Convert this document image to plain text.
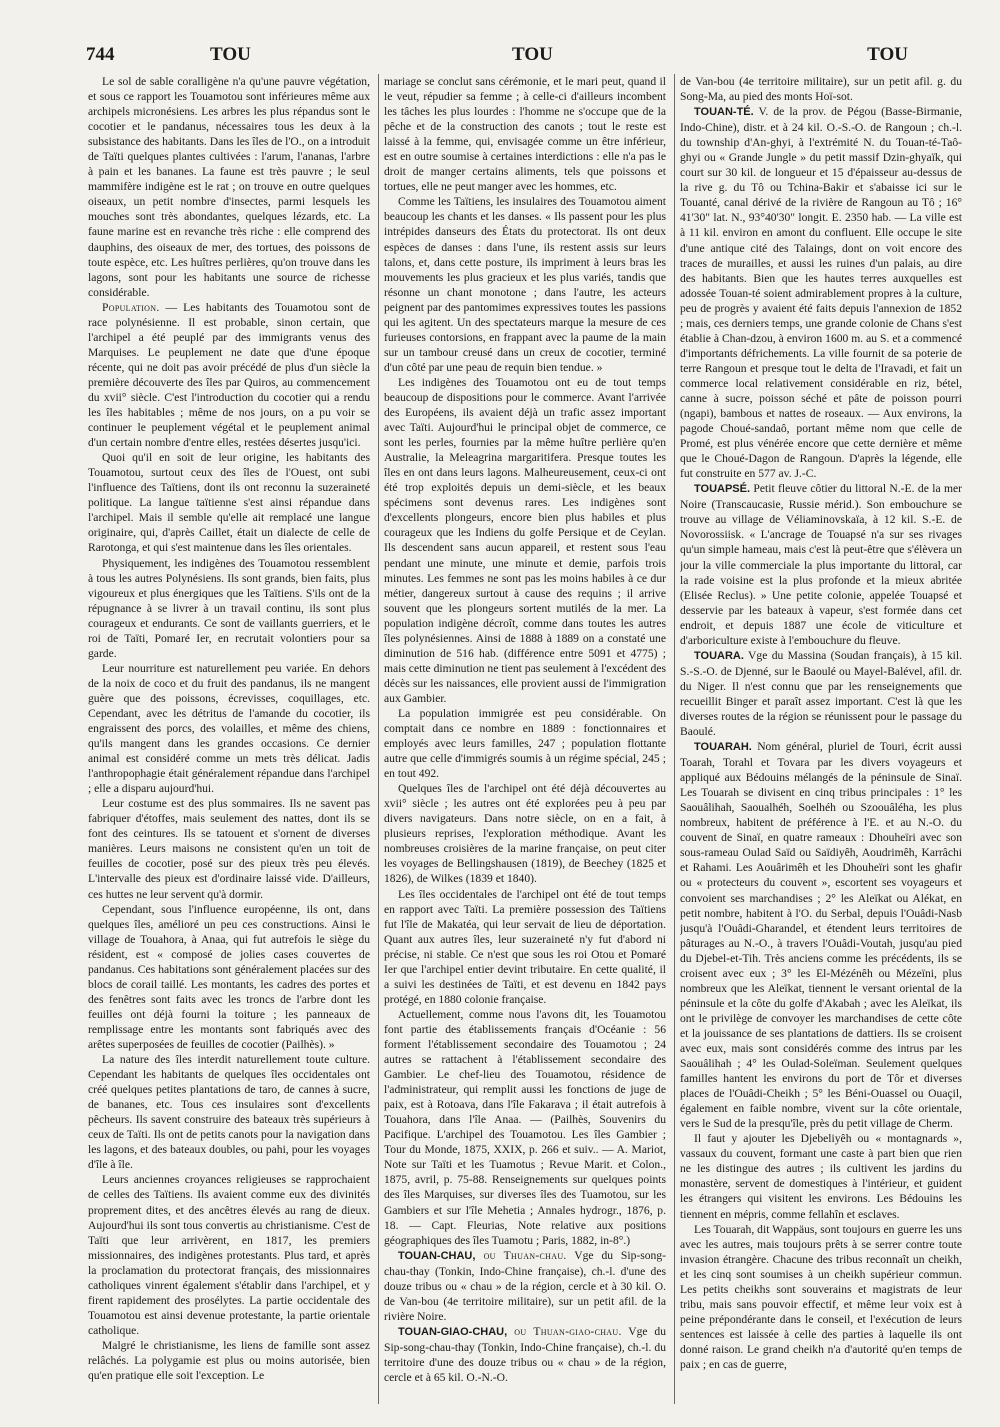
744	TOU	TOU	TOU

Le sol de sable coralligène n'a qu'une pauvre végétation, et sous ce rapport les Touamotou sont inférieures même aux archipels micronésiens. Les arbres les plus répandus sont le cocotier et le pandanus, nécessaires tous les deux à la subsistance des habitants. Dans les îles de l'O., on a introduit de Taïti quelques plantes cultivées : l'arum, l'ananas, l'arbre à pain et les bananes. La faune est très pauvre ; le seul mammifère indigène est le rat ; on trouve en outre quelques oiseaux, un petit nombre d'insectes, parmi lesquels les mouches sont très abondantes, quelques lézards, etc. La faune marine est en revanche très riche : elle comprend des dauphins, des oiseaux de mer, des tortues, des poissons de toute espèce, etc. Les huîtres perlières, qu'on trouve dans les lagons, sont pour les habitants une source de richesse considérable.

Population. — Les habitants des Touamotou sont de race polynésienne. Il est probable, sinon certain, que l'archipel a été peuplé par des immigrants venus des Marquises. Le peuplement ne date que d'une époque récente, qui ne doit pas avoir précédé de plus d'un siècle la première découverte des îles par Quiros, au commencement du xvii° siècle. C'est l'introduction du cocotier qui a rendu les îles habitables ; même de nos jours, on a pu voir se continuer le peuplement végétal et le peuplement animal d'un certain nombre d'entre elles, restées désertes jusqu'ici.

Quoi qu'il en soit de leur origine, les habitants des Touamotou, surtout ceux des îles de l'Ouest, ont subi l'influence des Taïtiens, dont ils ont reconnu la suzeraineté politique. La langue taïtienne s'est ainsi répandue dans l'archipel. Mais il semble qu'elle ait remplacé une langue originaire, qui, d'après Caillet, était un dialecte de celle de Rarotonga, et qui s'est maintenue dans les îles orientales.

Physiquement, les indigènes des Touamotou ressemblent à tous les autres Polynésiens. Ils sont grands, bien faits, plus vigoureux et plus énergiques que les Taïtiens. S'ils ont de la répugnance à se livrer à un travail continu, ils sont plus courageux et endurants. Ce sont de vaillants guerriers, et le roi de Taïti, Pomaré Ier, en recrutait volontiers pour sa garde.

Leur nourriture est naturellement peu variée. En dehors de la noix de coco et du fruit des pandanus, ils ne mangent guère que des poissons, écrevisses, coquillages, etc. Cependant, avec les détritus de l'amande du cocotier, ils engraissent des porcs, des volailles, et même des chiens, qu'ils mangent dans les grandes occasions. Ce dernier animal est considéré comme un mets très délicat. Jadis l'anthropophagie était généralement répandue dans l'archipel ; elle a disparu aujourd'hui.

Leur costume est des plus sommaires. Ils ne savent pas fabriquer d'étoffes, mais seulement des nattes, dont ils se font des ceintures. Ils se tatouent et s'ornent de diverses manières. Leurs maisons ne consistent qu'en un toit de feuilles de cocotier, posé sur des pieux très peu élevés. L'intervalle des pieux est d'ordinaire laissé vide. D'ailleurs, ces huttes ne leur servent qu'à dormir.

Cependant, sous l'influence européenne, ils ont, dans quelques îles, amélioré un peu ces constructions. Ainsi le village de Touahora, à Anaa, qui fut autrefois le siège du résident, est « composé de jolies cases couvertes de pandanus. Ces habitations sont généralement placées sur des blocs de corail taillé. Les montants, les cadres des portes et des fenêtres sont faits avec les troncs de l'arbre dont les feuilles ont déjà fourni la toiture ; les panneaux de remplissage entre les montants sont fabriqués avec des arêtes superposées de feuilles de cocotier (Pailhès). »

La nature des îles interdit naturellement toute culture. Cependant les habitants de quelques îles occidentales ont créé quelques petites plantations de taro, de cannes à sucre, de bananes, etc. Tous ces insulaires sont d'excellents pêcheurs. Ils savent construire des bateaux très supérieurs à ceux de Taïti. Ils ont de petits canots pour la navigation dans les lagons, et des bateaux doubles, ou pahi, pour les voyages d'île à île.

Leurs anciennes croyances religieuses se rapprochaient de celles des Taïtiens. Ils avaient comme eux des divinités proprement dites, et des ancêtres élevés au rang de dieux. Aujourd'hui ils sont tous convertis au christianisme. C'est de Taïti que leur arrivèrent, en 1817, les premiers missionnaires, des indigènes protestants. Plus tard, et après la proclamation du protectorat français, des missionnaires catholiques vinrent également s'établir dans l'archipel, et y firent rapidement des prosélytes. La partie occidentale des Touamotou est ainsi devenue protestante, la partie orientale catholique.

Malgré le christianisme, les liens de famille sont assez relâchés. La polygamie est plus ou moins autorisée, bien qu'en pratique elle soit l'exception. Le

mariage se conclut sans cérémonie, et le mari peut, quand il le veut, répudier sa femme ; à celle-ci d'ailleurs incombent les tâches les plus lourdes : l'homme ne s'occupe que de la pêche et de la construction des canots ; tout le reste est laissé à la femme, qui, envisagée comme un être inférieur, est en outre soumise à certaines interdictions : elle n'a pas le droit de manger certains aliments, tels que poissons et tortues, elle ne peut manger avec les hommes, etc.

Comme les Taïtiens, les insulaires des Touamotou aiment beaucoup les chants et les danses. « Ils passent pour les plus intrépides danseurs des États du protectorat. Ils ont deux espèces de danses : dans l'une, ils restent assis sur leurs talons, et, dans cette posture, ils impriment à leurs bras les mouvements les plus gracieux et les plus variés, tandis que résonne un chant monotone ; dans l'autre, les acteurs peignent par des pantomimes expressives toutes les passions qui les agitent. Un des spectateurs marque la mesure de ces furieuses contorsions, en frappant avec la paume de la main sur un tambour creusé dans un creux de cocotier, terminé d'un côté par une peau de requin bien tendue. »

Les indigènes des Touamotou ont eu de tout temps beaucoup de dispositions pour le commerce. Avant l'arrivée des Européens, ils avaient déjà un trafic assez important avec Taïti. Aujourd'hui le principal objet de commerce, ce sont les perles, fournies par la même huître perlière qu'en Australie, la Meleagrina margaritifera. Presque toutes les îles en ont dans leurs lagons. Malheureusement, ceux-ci ont été trop exploités depuis un demi-siècle, et les beaux spécimens sont devenus rares. Les indigènes sont d'excellents plongeurs, encore bien plus habiles et plus courageux que les Indiens du golfe Persique et de Ceylan. Ils descendent sans aucun appareil, et restent sous l'eau pendant une minute, une minute et demie, parfois trois minutes. Les femmes ne sont pas les moins habiles à ce dur métier, dangereux surtout à cause des requins ; il arrive souvent que les plongeurs sortent mutilés de la mer. La population indigène décroît, comme dans toutes les autres îles polynésiennes. Ainsi de 1888 à 1889 on a constaté une diminution de 516 hab. (différence entre 5091 et 4775) ; mais cette diminution ne tient pas seulement à l'excédent des décès sur les naissances, elle provient aussi de l'immigration aux Gambier.

La population immigrée est peu considérable. On comptait dans ce nombre en 1889 : fonctionnaires et employés avec leurs familles, 247 ; population flottante autre que celle d'immigrés soumis à un régime spécial, 245 ; en tout 492.

Quelques îles de l'archipel ont été déjà découvertes au xvii° siècle ; les autres ont été explorées peu à peu par divers navigateurs. Dans notre siècle, on en a fait, à plusieurs reprises, l'exploration méthodique. Avant les nombreuses croisières de la marine française, on peut citer les voyages de Bellingshausen (1819), de Beechey (1825 et 1826), de Wilkes (1839 et 1840).

Les îles occidentales de l'archipel ont été de tout temps en rapport avec Taïti. La première possession des Taïtiens fut l'île de Makatéa, qui leur servait de lieu de déportation. Quant aux autres îles, leur suzeraineté n'y fut d'abord ni précise, ni stable. Ce n'est que sous les roi Otou et Pomaré Ier que l'archipel entier devint tributaire. En cette qualité, il a suivi les destinées de Taïti, et est devenu en 1842 pays protégé, en 1880 colonie française.

Actuellement, comme nous l'avons dit, les Touamotou font partie des établissements français d'Océanie : 56 forment l'établissement secondaire des Touamotou ; 24 autres se rattachent à l'établissement secondaire des Gambier. Le chef-lieu des Touamotou, résidence de l'administrateur, qui remplit aussi les fonctions de juge de paix, est à Rotoava, dans l'île Fakarava ; il était autrefois à Touahora, dans l'île Anaa. — (Pailhès, Souvenirs du Pacifique. L'archipel des Touamotou. Les îles Gambier ; Tour du Monde, 1875, XXIX, p. 266 et suiv.. — A. Mariot, Note sur Taïti et les Tuamotus ; Revue Marit. et Colon., 1875, avril, p. 75-88. Renseignements sur quelques points des îles Marquises, sur diverses îles des Tuamotou, sur les Gambiers et sur l'île Mehetia ; Annales hydrogr., 1876, p. 18. — Capt. Fleurias, Note relative aux positions géographiques des îles Tuamotu ; Paris, 1882, in-8°.)

TOUAN-CHAU, ou Thuan-chau. Vge du Sip-song-chau-thay (Tonkin, Indo-Chine française), ch.-l. d'une des douze tribus ou « chau » de la région, cercle et à 30 kil. O. de Van-bou (4e territoire militaire), sur un petit afil. de la rivière Noire.

TOUAN-GIAO-CHAU, ou Thuan-giao-chau. Vge du Sip-song-chau-thay (Tonkin, Indo-Chine française), ch.-l. du territoire d'une des douze tribus ou « chau » de la région, cercle et à 65 kil. O.-N.-O.

de Van-bou (4e territoire militaire), sur un petit afil. g. du Song-Ma, au pied des monts Hoï-sot.

TOUAN-TÉ. V. de la prov. de Pégou (Basse-Birmanie, Indo-Chine), distr. et à 24 kil. O.-S.-O. de Rangoun ; ch.-l. du township d'An-ghyi, à l'extrémité N. du Touan-té-Taô-ghyi ou « Grande Jungle » du petit massif Dzin-ghyaïk, qui court sur 30 kil. de longueur et 15 d'épaisseur au-dessus de la rive g. du Tô ou Tchina-Bakir et s'abaisse ici sur le Touanté, canal dérivé de la rivière de Rangoun au Tô ; 16° 41'30" lat. N., 93°40'30" longit. E. 2350 hab. — La ville est à 11 kil. environ en amont du confluent. Elle occupe le site d'une antique cité des Talaings, dont on voit encore des traces de murailles, et aussi les ruines d'un palais, au dire des habitants. Bien que les hautes terres auxquelles est adossée Touan-té soient admirablement propres à la culture, peu de progrès y avaient été faits depuis l'annexion de 1852 ; mais, ces derniers temps, une grande colonie de Chans s'est établie à Chan-dzou, à environ 1600 m. au S. et a commencé d'importants défrichements. La ville fournit de sa poterie de terre Rangoun et presque tout le delta de l'Iravadi, et fait un commerce local relativement considérable en riz, bétel, canne à sucre, poisson séché et pâte de poisson pourri (ngapi), bambous et nattes de roseaux. — Aux environs, la pagode Choué-sandaô, portant même nom que celle de Promé, est plus vénérée encore que cette dernière et même que le Choué-Dagon de Rangoun. D'après la légende, elle fut construite en 577 av. J.-C.

TOUAPSÉ. Petit fleuve côtier du littoral N.-E. de la mer Noire (Transcaucasie, Russie mérid.). Son embouchure se trouve au village de Véliaminovskaïa, à 12 kil. S.-E. de Novorossiisk. « L'ancrage de Touapsé n'a sur ses rivages qu'un simple hameau, mais c'est là peut-être que s'élèvera un jour la ville commerciale la plus importante du littoral, car la rade voisine est la plus profonde et la mieux abritée (Elisée Reclus). » Une petite colonie, appelée Touapsé et desservie par les bateaux à vapeur, s'est formée dans cet endroit, et depuis 1887 une école de viticulture et d'arboriculture existe à l'embouchure du fleuve.

TOUARA. Vge du Massina (Soudan français), à 15 kil. S.-S.-O. de Djenné, sur le Baoulé ou Mayel-Balével, afil. dr. du Niger. Il n'est connu que par les renseignements que recueillit Binger et paraît assez important. C'est là que les diverses routes de la région se réunissent pour le passage du Baoulé.

TOUARAH. Nom général, pluriel de Touri, écrit aussi Toarah, Torahl et Tovara par les divers voyageurs et appliqué aux Bédouins mélangés de la péninsule de Sinaï. Les Touarah se divisent en cinq tribus principales : 1° les Saouâlihah, Saoualhéh, Soelhéh ou Szoouâléha, les plus nombreux, habitent de préférence à l'E. et au N.-O. du couvent de Sinaï, en quatre rameaux : Dhouheïri avec son sous-rameau Oulad Saïd ou Saïdiyêh, Aoudrimêh, Karrâchi et Rahami. Les Aouârimêh et les Dhouheïri sont les ghafir ou « protecteurs du couvent », escortent ses voyageurs et convoient ses marchandises ; 2° les Aleïkat ou Alékat, en petit nombre, habitent à l'O. du Serbal, depuis l'Ouâdi-Nasb jusqu'à l'Ouâdi-Gharandel, et étendent leurs territoires de pâturages au N.-O., à travers l'Ouâdi-Voutah, jusqu'au pied du Djebel-et-Tih. Très anciens comme les précédents, ils se croisent avec eux ; 3° les El-Mézénêh ou Mézeïni, plus nombreux que les Aleïkat, tiennent le versant oriental de la péninsule et la côte du golfe d'Akabah ; avec les Aleïkat, ils ont le privilège de convoyer les marchandises de cette côte et la jouissance de ses plantations de dattiers. Ils se croisent avec eux, mais sont considérés comme des intrus par les Saouâlihah ; 4° les Oulad-Soleïman. Seulement quelques familles hantent les environs du port de Tôr et diverses places de l'Ouâdi-Cheikh ; 5° les Béni-Ouassel ou Ouaçil, également en faible nombre, vivent sur la côte orientale, vers le Sud de la presqu'île, près du petit village de Cherm.

Il faut y ajouter les Djebeliyêh ou « montagnards », vassaux du couvent, formant une caste à part bien que rien ne les distingue des autres ; ils cultivent les jardins du monastère, servent de domestiques à l'intérieur, et guident les étrangers qui visitent les environs. Les Bédouins les tiennent en mépris, comme fellahîn et esclaves.

Les Touarah, dit Wappäus, sont toujours en guerre les uns avec les autres, mais toujours prêts à se serrer contre toute invasion étrangère. Chacune des tribus reconnaît un cheikh, et les cinq sont soumises à un cheikh supérieur commun. Les petits cheikhs sont souverains et magistrats de leur tribu, mais sans pouvoir effectif, et même leur voix est à peine prépondérante dans le conseil, et l'exécution de leurs sentences est laissée à celle des parties à laquelle ils ont donné raison. Le grand cheikh n'a d'autorité qu'en temps de paix ; en cas de guerre,
